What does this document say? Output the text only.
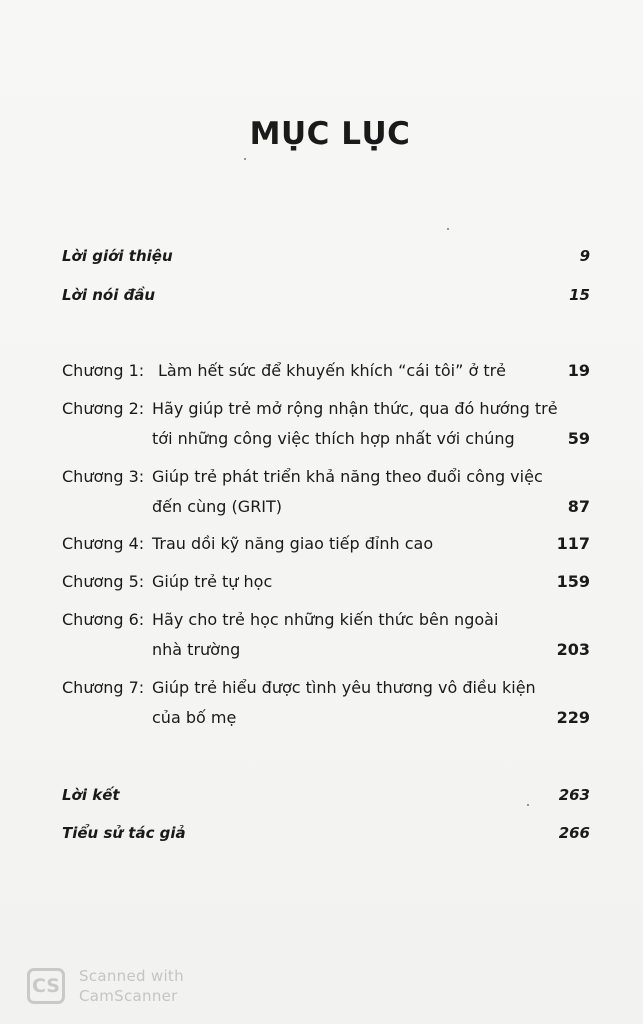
MỤC LỤC
Lời giới thiệu	9
Lời nói đầu	15
Chương 1: Làm hết sức để khuyến khích “cái tôi” ở trẻ	19
Chương 2: Hãy giúp trẻ mở rộng nhận thức, qua đó hướng trẻ
tới những công việc thích hợp nhất với chúng	59
Chương 3: Giúp trẻ phát triển khả năng theo đuổi công việc
đến cùng (GRIT)	87
Chương 4: Trau dồi kỹ năng giao tiếp đỉnh cao	117
Chương 5: Giúp trẻ tự học	159
Chương 6: Hãy cho trẻ học những kiến thức bên ngoài
nhà trường	203
Chương 7: Giúp trẻ hiểu được tình yêu thương vô điều kiện
của bố mẹ	229
Lời kết	263
Tiểu sử tác giả	266
CS	Scanned with
CamScanner
